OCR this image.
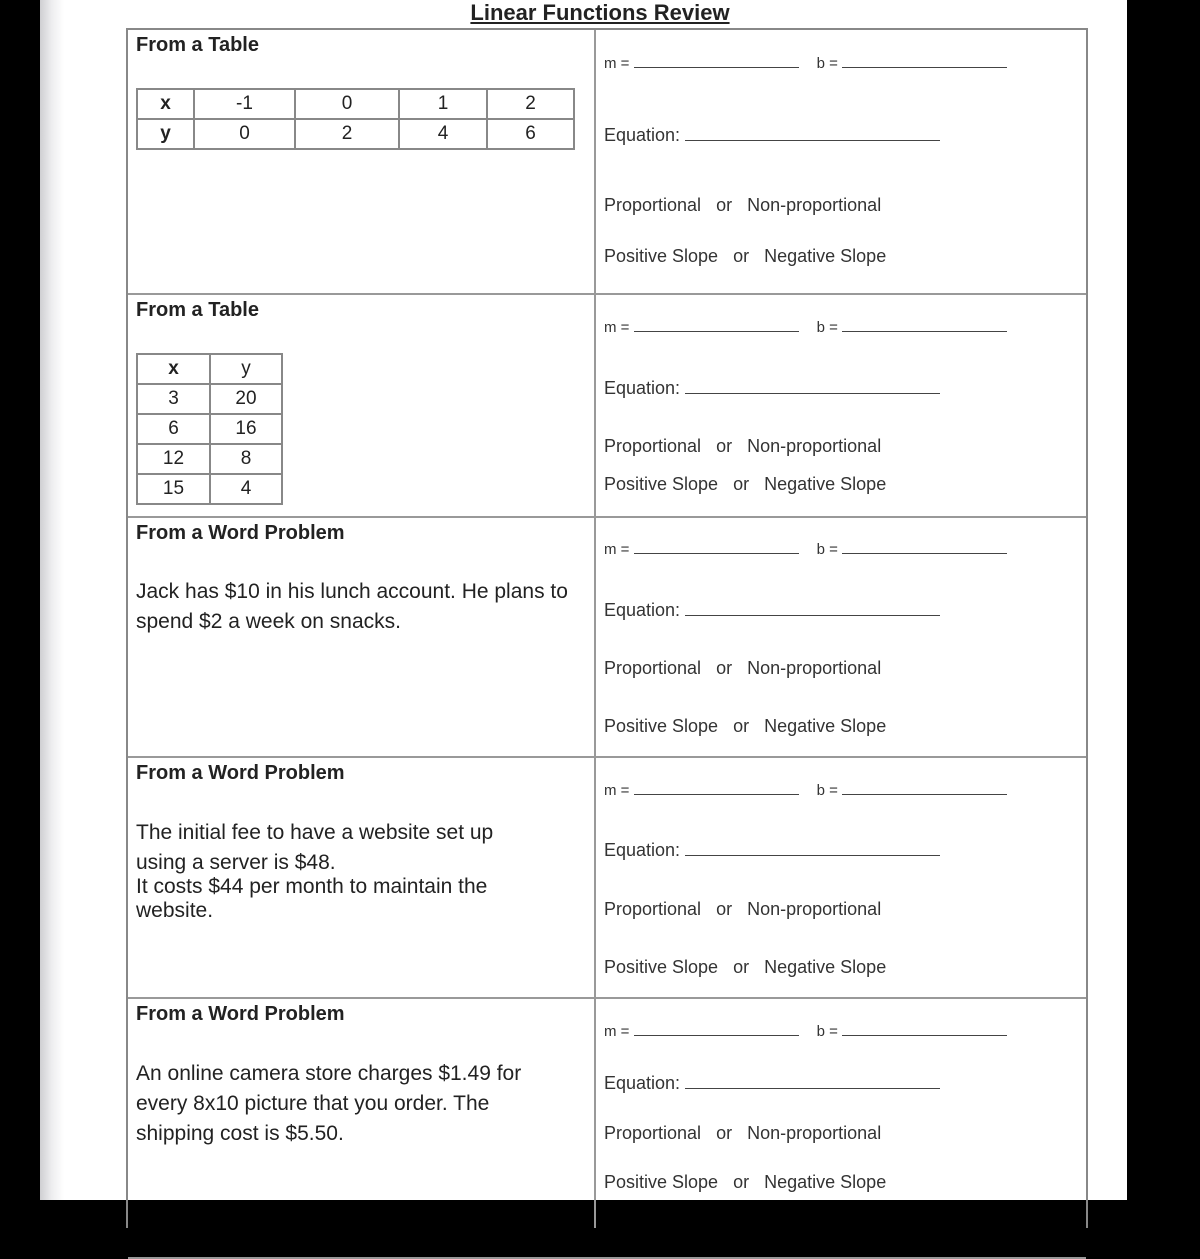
Linear Functions Review
From a Table
m =	b =
Equation:
Proportional or Non-proportional
Positive Slope or Negative Slope
x	-1	0	1	2
y	0	2	4	6
From a Table
m =	b =
Equation:
Proportional or Non-proportional
Positive Slope or Negative Slope
x	y
3	20
6	16
12	8
15	4
From a Word Problem
m =	b =
Equation:
Proportional or Non-proportional
Positive Slope or Negative Slope
Jack has $10 in his lunch account. He plans to spend $2 a week on snacks.
From a Word Problem
m =	b =
Equation:
Proportional or Non-proportional
Positive Slope or Negative Slope
The initial fee to have a website set up using a server is $48.
It costs $44 per month to maintain the website.
From a Word Problem
m =	b =
Equation:
Proportional or Non-proportional
Positive Slope or Negative Slope
An online camera store charges $1.49 for every 8x10 picture that you order. The shipping cost is $5.50.
